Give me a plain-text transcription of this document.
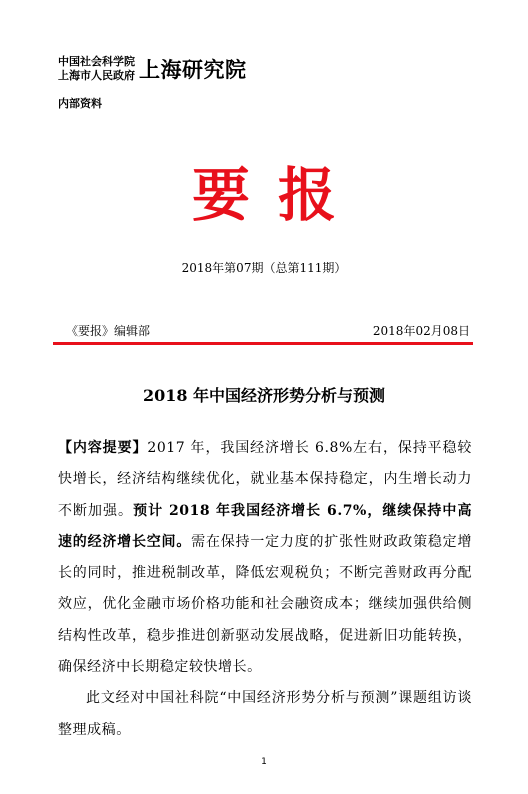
中国社会科学院
上海市人民政府 上海研究院
内部资料
要报
2018年第07期（总第111期）
《要报》编辑部	2018年02月08日
2018 年中国经济形势分析与预测

【内容提要】2017 年，我国经济增长 6.8%左右，保持平稳较快增长，经济结构继续优化，就业基本保持稳定，内生增长动力不断加强。预计 2018 年我国经济增长 6.7%，继续保持中高速的经济增长空间。需在保持一定力度的扩张性财政政策稳定增长的同时，推进税制改革，降低宏观税负；不断完善财政再分配效应，优化金融市场价格功能和社会融资成本；继续加强供给侧结构性改革，稳步推进创新驱动发展战略，促进新旧功能转换，确保经济中长期稳定较快增长。

此文经对中国社科院“中国经济形势分析与预测”课题组访谈整理成稿。

1
